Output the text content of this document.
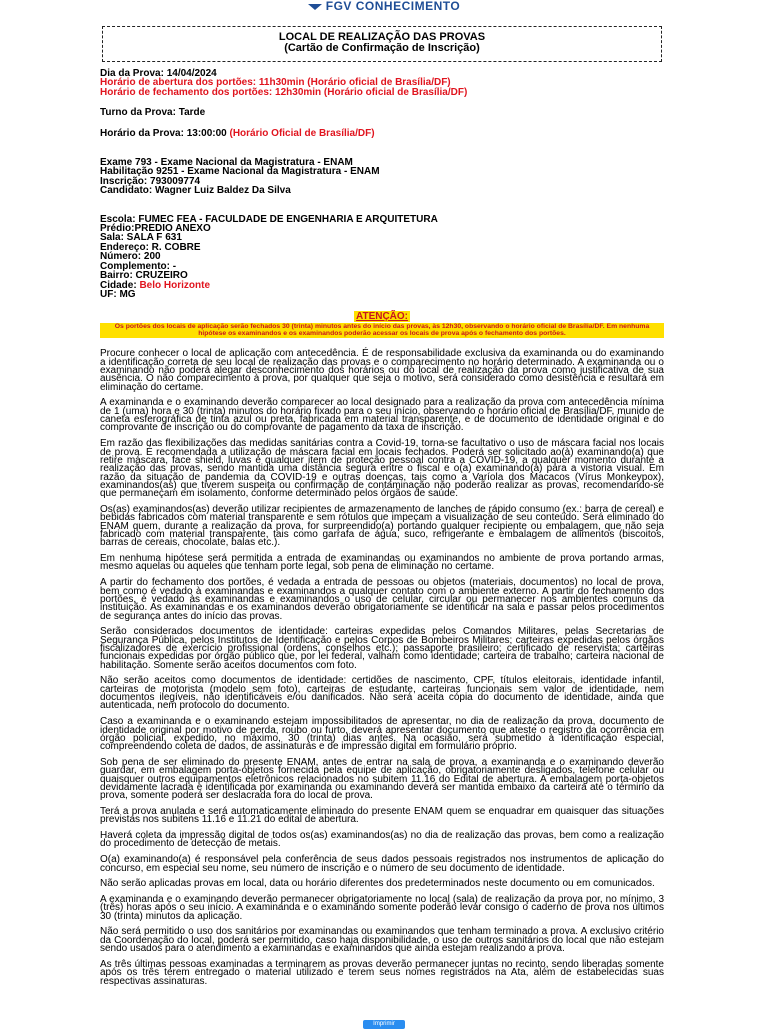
FGV CONHECIMENTO
LOCAL DE REALIZAÇÃO DAS PROVAS
(Cartão de Confirmação de Inscrição)
Dia da Prova: 14/04/2024
Horário de abertura dos portões: 11h30min (Horário oficial de Brasília/DF)
Horário de fechamento dos portões: 12h30min (Horário oficial de Brasília/DF)
Turno da Prova: Tarde
Horário da Prova: 13:00:00 (Horário Oficial de Brasília/DF)
Exame 793 - Exame Nacional da Magistratura - ENAM
Habilitação 9251 - Exame Nacional da Magistratura - ENAM
Inscrição: 793009774
Candidato: Wagner Luiz Baldez Da Silva
Escola: FUMEC FEA - FACULDADE DE ENGENHARIA E ARQUITETURA
Prédio:PREDIO ANEXO
Sala: SALA F 631
Endereço: R. COBRE
Número: 200
Complemento: -
Bairro: CRUZEIRO
Cidade: Belo Horizonte
UF: MG
ATENÇÃO:
Os portões dos locais de aplicação serão fechados 30 (trinta) minutos antes do início das provas, às 12h30, observando o horário oficial de Brasília/DF. Em nenhuma hipótese os examinandos e os examinandos poderão acessar os locais de prova após o fechamento dos portões.

Procure conhecer o local de aplicação com antecedência. É de responsabilidade exclusiva da examinanda ou do examinando a identificação correta de seu local de realização das provas e o comparecimento no horário determinado. A examinanda ou o examinando não poderá alegar desconhecimento dos horários ou do local de realização da prova como justificativa de sua ausência. O não comparecimento à prova, por qualquer que seja o motivo, será considerado como desistência e resultará em eliminação do certame.

A examinanda e o examinando deverão comparecer ao local designado para a realização da prova com antecedência mínima de 1 (uma) hora e 30 (trinta) minutos do horário fixado para o seu início, observando o horário oficial de Brasília/DF, munido de caneta esferográfica de tinta azul ou preta, fabricada em material transparente, e de documento de identidade original e do comprovante de inscrição ou do comprovante de pagamento da taxa de inscrição.

Em razão das flexibilizações das medidas sanitárias contra a Covid-19, torna-se facultativo o uso de máscara facial nos locais de prova. É recomendada a utilização de máscara facial em locais fechados. Poderá ser solicitado ao(à) examinando(a) que retire máscara, face shield, luvas e qualquer item de proteção pessoal contra a COVID-19, a qualquer momento durante a realização das provas, sendo mantida uma distância segura entre o fiscal e o(a) examinando(a) para a vistoria visual. Em razão da situação de pandemia da COVID-19 e outras doenças, tais como a Varíola dos Macacos (Vírus Monkeypox), examinandos(as) que tiverem suspeita ou confirmação de contaminação não poderão realizar as provas, recomendando-se que permaneçam em isolamento, conforme determinado pelos órgãos de saúde.

Os(as) examinandos(as) deverão utilizar recipientes de armazenamento de lanches de rápido consumo (ex.: barra de cereal) e bebidas fabricados com material transparente e sem rótulos que impeçam a visualização de seu conteúdo. Será eliminado do ENAM quem, durante a realização da prova, for surpreendido(a) portando qualquer recipiente ou embalagem, que não seja fabricado com material transparente, tais como garrafa de água, suco, refrigerante e embalagem de alimentos (biscoitos, barras de cereais, chocolate, balas etc.).

Em nenhuma hipótese será permitida a entrada de examinandas ou examinandos no ambiente de prova portando armas, mesmo aquelas ou aqueles que tenham porte legal, sob pena de eliminação no certame.

A partir do fechamento dos portões, é vedada a entrada de pessoas ou objetos (materiais, documentos) no local de prova, bem como é vedado à examinandas e examinandos a qualquer contato com o ambiente externo. A partir do fechamento dos portões, é vedado às examinandas e examinandos o uso de celular, circular ou permanecer nos ambientes comuns da instituição. As examinandas e os examinandos deverão obrigatoriamente se identificar na sala e passar pelos procedimentos de segurança antes do início das provas.

Serão considerados documentos de identidade: carteiras expedidas pelos Comandos Militares, pelas Secretarias de Segurança Pública, pelos Institutos de Identificação e pelos Corpos de Bombeiros Militares; carteiras expedidas pelos órgãos fiscalizadores de exercício profissional (ordens, conselhos etc.); passaporte brasileiro; certificado de reservista; carteiras funcionais expedidas por órgão público que, por lei federal, valham como identidade; carteira de trabalho; carteira nacional de habilitação. Somente serão aceitos documentos com foto.

Não serão aceitos como documentos de identidade: certidões de nascimento, CPF, títulos eleitorais, identidade infantil, carteiras de motorista (modelo sem foto), carteiras de estudante, carteiras funcionais sem valor de identidade, nem documentos ilegíveis, não identificáveis e/ou danificados. Não será aceita cópia do documento de identidade, ainda que autenticada, nem protocolo do documento.

Caso a examinanda e o examinando estejam impossibilitados de apresentar, no dia de realização da prova, documento de identidade original por motivo de perda, roubo ou furto, deverá apresentar documento que ateste o registro da ocorrência em órgão policial, expedido, no máximo, 30 (trinta) dias antes. Na ocasião, será submetido à identificação especial, compreendendo coleta de dados, de assinaturas e de impressão digital em formulário próprio.

Sob pena de ser eliminado do presente ENAM, antes de entrar na sala de prova, a examinanda e o examinando deverão guardar, em embalagem porta-objetos fornecida pela equipe de aplicação, obrigatoriamente desligados, telefone celular ou quaisquer outros equipamentos eletrônicos relacionados no subitem 11.16 do Edital de abertura. A embalagem porta-objetos devidamente lacrada e identificada por examinanda ou examinando deverá ser mantida embaixo da carteira até o término da prova, somente poderá ser deslacrada fora do local de prova.

Terá a prova anulada e será automaticamente eliminado do presente ENAM quem se enquadrar em quaisquer das situações previstas nos subitens 11.16 e 11.21 do edital de abertura.

Haverá coleta da impressão digital de todos os(as) examinandos(as) no dia de realização das provas, bem como a realização do procedimento de detecção de metais.

O(a) examinando(a) é responsável pela conferência de seus dados pessoais registrados nos instrumentos de aplicação do concurso, em especial seu nome, seu número de inscrição e o número de seu documento de identidade.

Não serão aplicadas provas em local, data ou horário diferentes dos predeterminados neste documento ou em comunicados.

A examinanda e o examinando deverão permanecer obrigatoriamente no local (sala) de realização da prova por, no mínimo, 3 (três) horas após o seu início. A examinanda e o examinando somente poderão levar consigo o caderno de prova nos últimos 30 (trinta) minutos da aplicação.

Não será permitido o uso dos sanitários por examinandas ou examinandos que tenham terminado a prova. A exclusivo critério da Coordenação do local, poderá ser permitido, caso haja disponibilidade, o uso de outros sanitários do local que não estejam sendo usados para o atendimento a examinandas e examinandos que ainda estejam realizando a prova.

As três últimas pessoas examinadas a terminarem as provas deverão permanecer juntas no recinto, sendo liberadas somente após os três terem entregado o material utilizado e terem seus nomes registrados na Ata, além de estabelecidas suas respectivas assinaturas.

Imprimir
